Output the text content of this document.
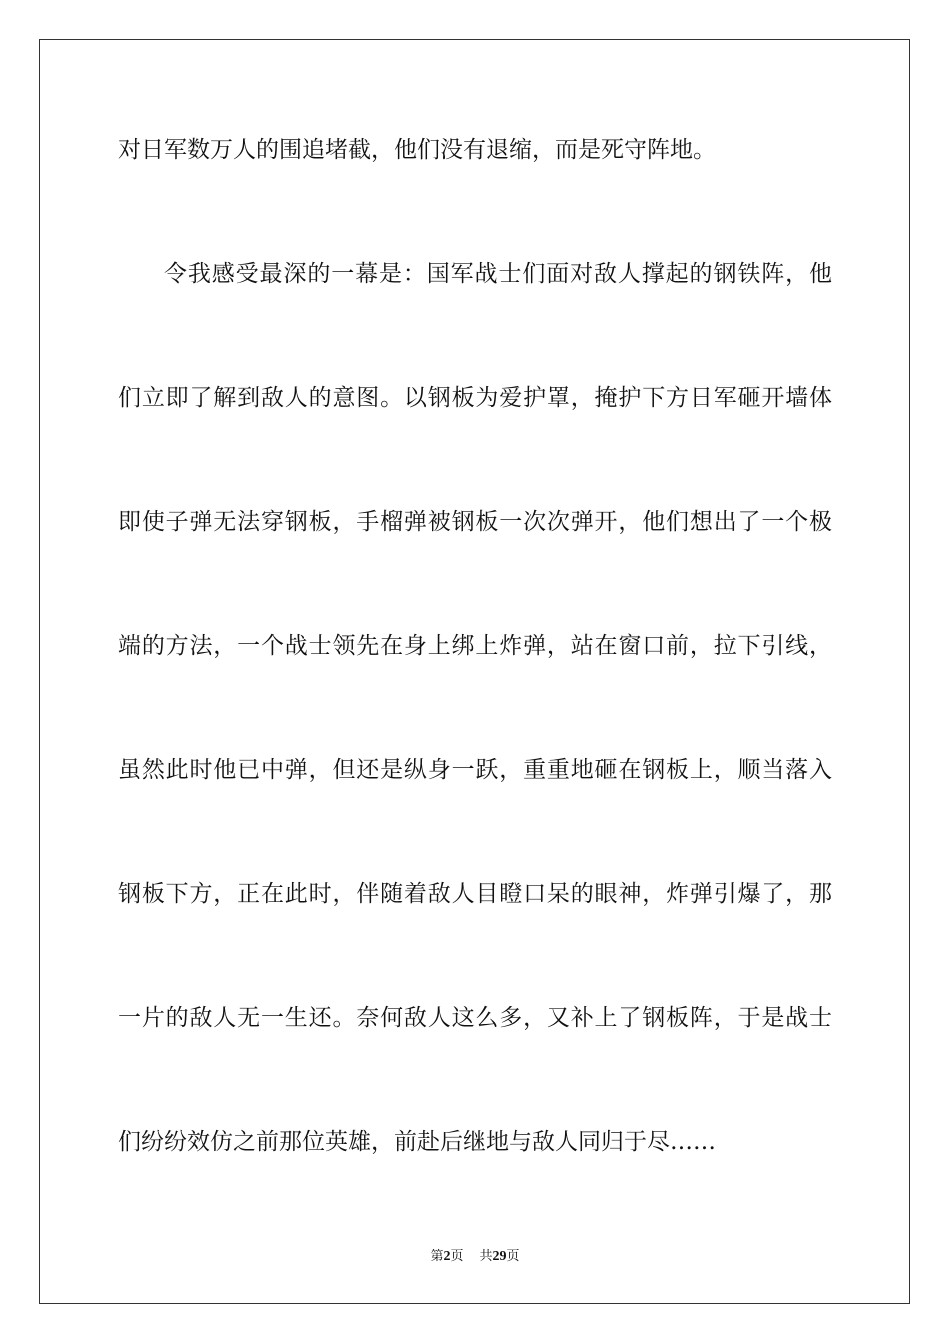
对日军数万人的围追堵截，他们没有退缩，而是死守阵地。

令我感受最深的一幕是：国军战士们面对敌人撑起的钢铁阵，他

们立即了解到敌人的意图。以钢板为爱护罩，掩护下方日军砸开墙体

即使子弹无法穿钢板，手榴弹被钢板一次次弹开，他们想出了一个极

端的方法，一个战士领先在身上绑上炸弹，站在窗口前，拉下引线，

虽然此时他已中弹，但还是纵身一跃，重重地砸在钢板上，顺当落入

钢板下方，正在此时，伴随着敌人目瞪口呆的眼神，炸弹引爆了，那

一片的敌人无一生还。奈何敌人这么多，又补上了钢板阵，于是战士

们纷纷效仿之前那位英雄，前赴后继地与敌人同归于尽……

第2页 共29页
